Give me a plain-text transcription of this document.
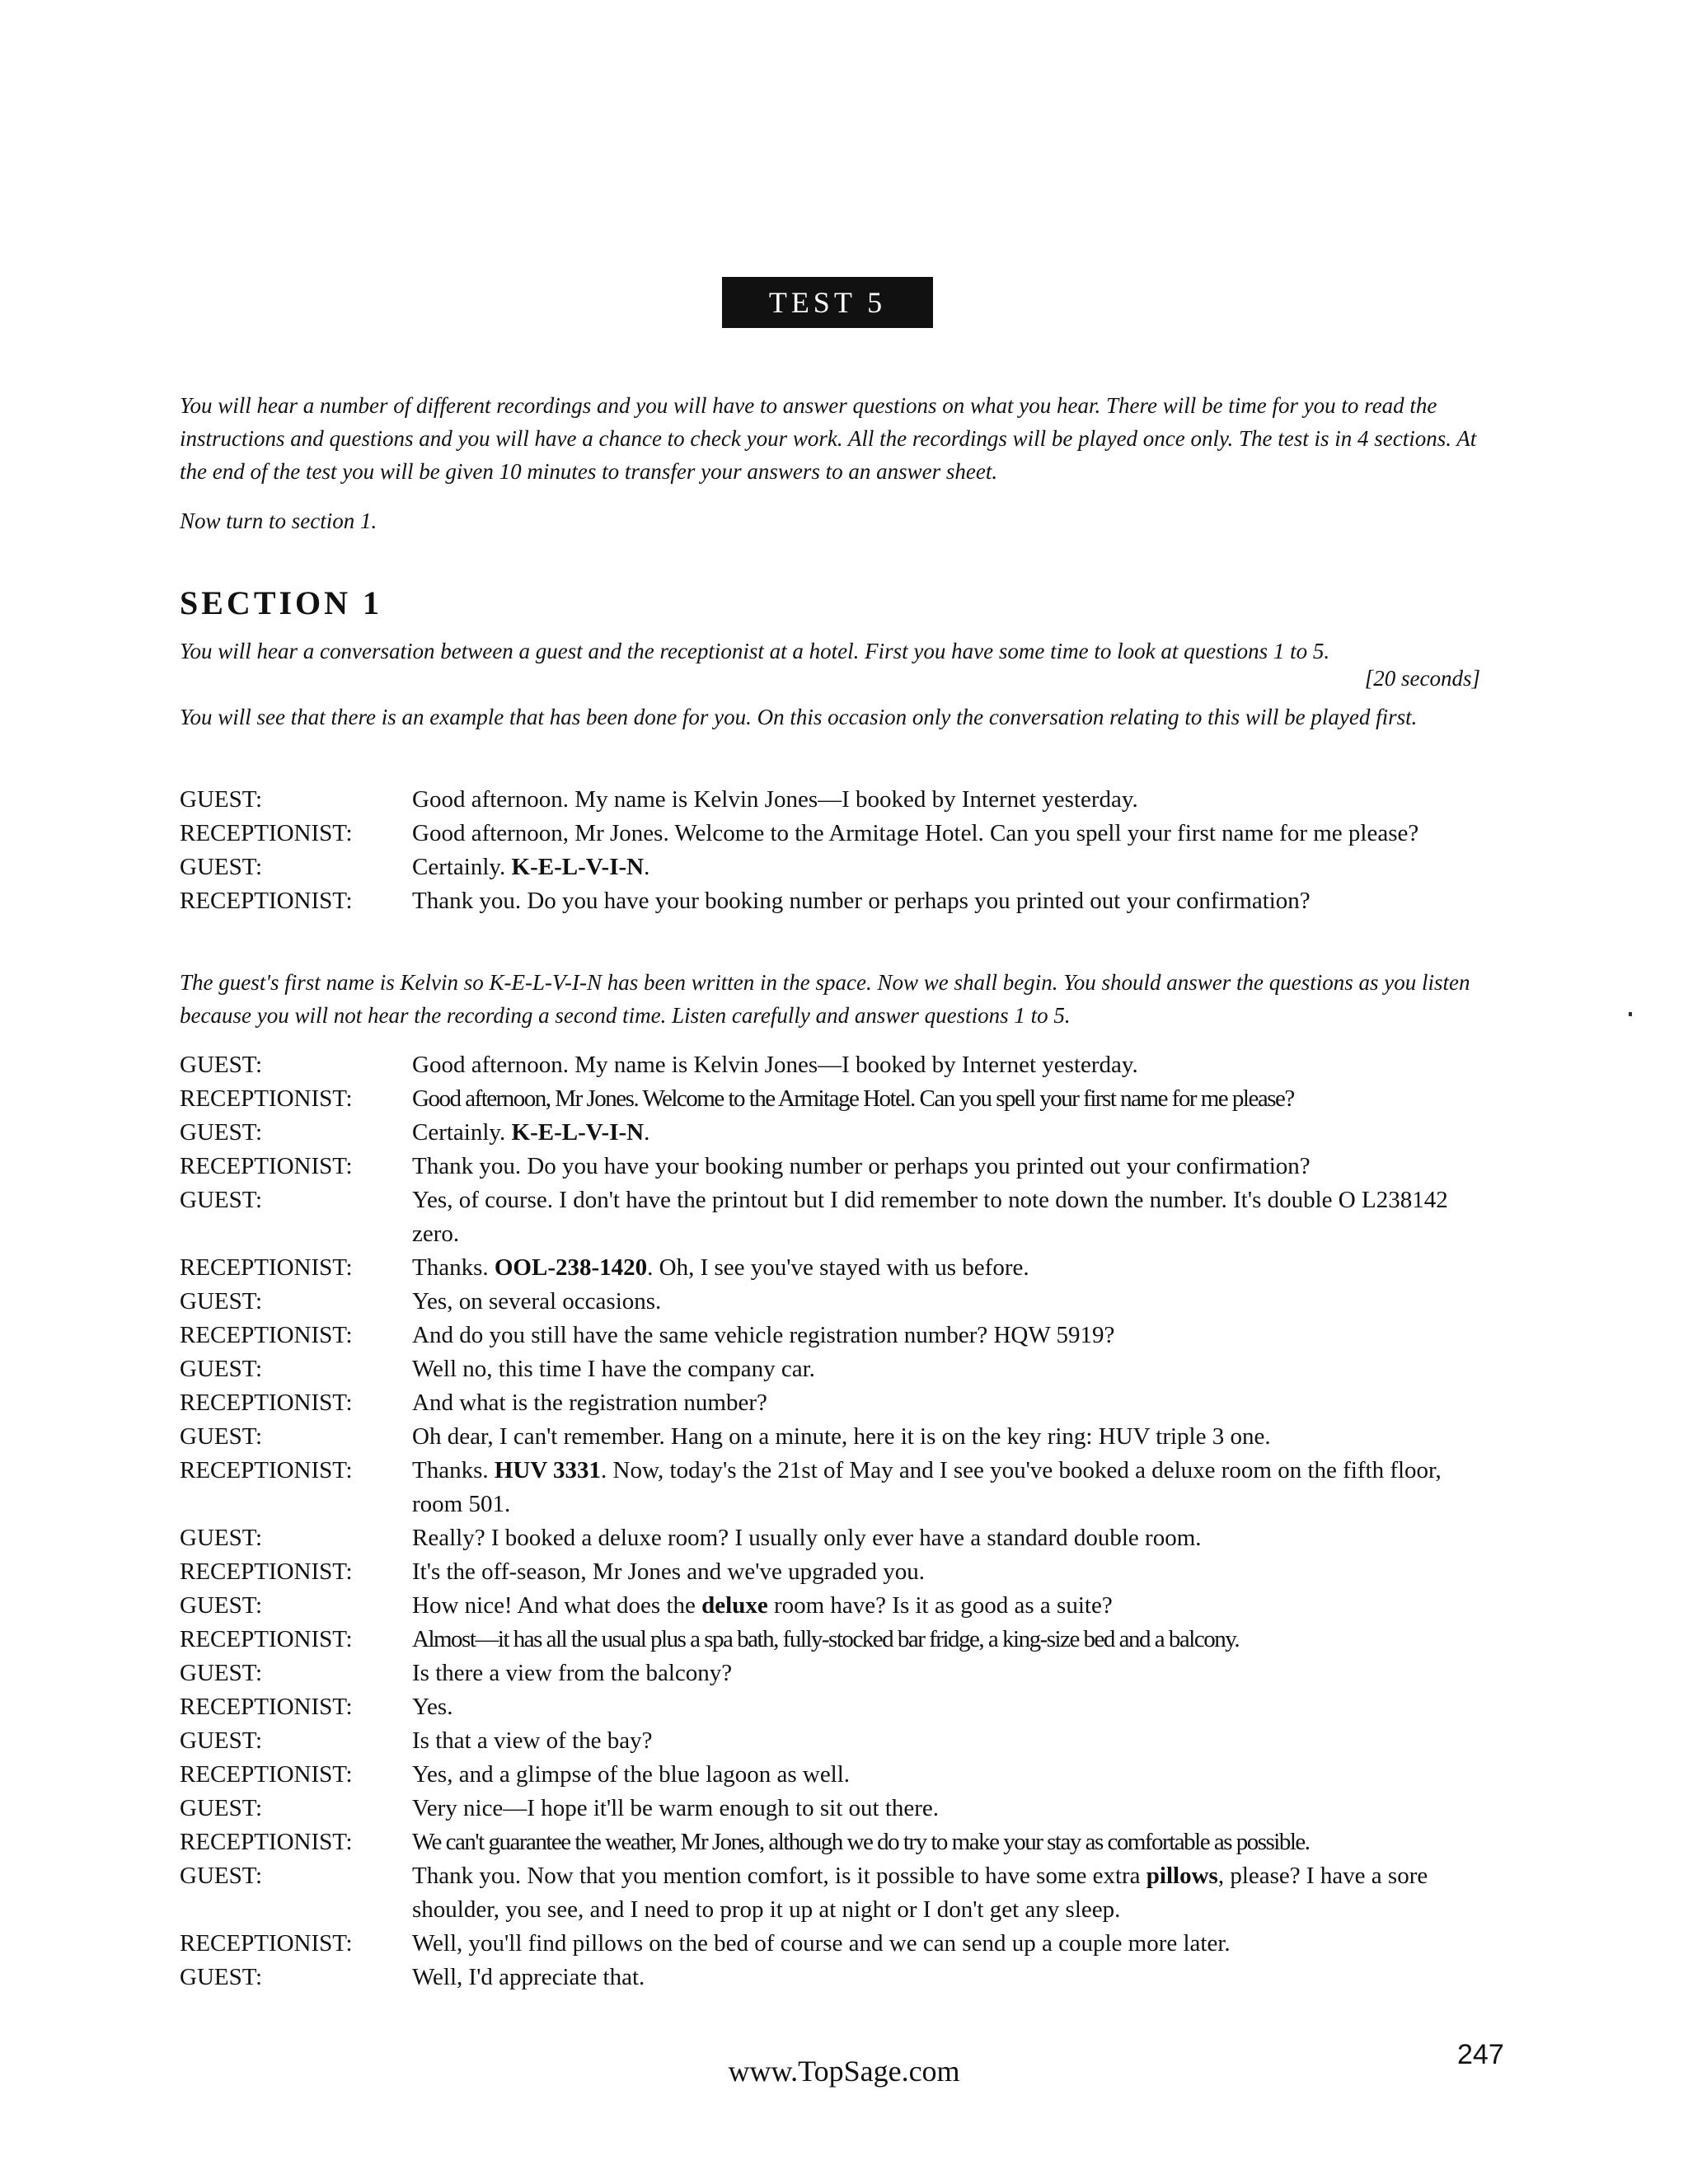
TEST 5

You will hear a number of different recordings and you will have to answer questions on what you hear. There will be time for you to read the instructions and questions and you will have a chance to check your work. All the recordings will be played once only. The test is in 4 sections. At the end of the test you will be given 10 minutes to transfer your answers to an answer sheet.

Now turn to section 1.

SECTION 1

You will hear a conversation between a guest and the receptionist at a hotel. First you have some time to look at questions 1 to 5.

[20 seconds]

You will see that there is an example that has been done for you. On this occasion only the conversation relating to this will be played first.

GUEST:	Good afternoon. My name is Kelvin Jones—I booked by Internet yesterday.
RECEPTIONIST:	Good afternoon, Mr Jones. Welcome to the Armitage Hotel. Can you spell your first name for me please?
GUEST:	Certainly. K-E-L-V-I-N.
RECEPTIONIST:	Thank you. Do you have your booking number or perhaps you printed out your confirmation?

The guest's first name is Kelvin so K-E-L-V-I-N has been written in the space. Now we shall begin. You should answer the questions as you listen because you will not hear the recording a second time. Listen carefully and answer questions 1 to 5.

GUEST:	Good afternoon. My name is Kelvin Jones—I booked by Internet yesterday.
RECEPTIONIST:	Good afternoon, Mr Jones. Welcome to the Armitage Hotel. Can you spell your first name for me please?
GUEST:	Certainly. K-E-L-V-I-N.
RECEPTIONIST:	Thank you. Do you have your booking number or perhaps you printed out your confirmation?
GUEST:	Yes, of course. I don't have the printout but I did remember to note down the number. It's double O L238142 zero.
RECEPTIONIST:	Thanks. OOL-238-1420. Oh, I see you've stayed with us before.
GUEST:	Yes, on several occasions.
RECEPTIONIST:	And do you still have the same vehicle registration number? HQW 5919?
GUEST:	Well no, this time I have the company car.
RECEPTIONIST:	And what is the registration number?
GUEST:	Oh dear, I can't remember. Hang on a minute, here it is on the key ring: HUV triple 3 one.
RECEPTIONIST:	Thanks. HUV 3331. Now, today's the 21st of May and I see you've booked a deluxe room on the fifth floor, room 501.
GUEST:	Really? I booked a deluxe room? I usually only ever have a standard double room.
RECEPTIONIST:	It's the off-season, Mr Jones and we've upgraded you.
GUEST:	How nice! And what does the deluxe room have? Is it as good as a suite?
RECEPTIONIST:	Almost—it has all the usual plus a spa bath, fully-stocked bar fridge, a king-size bed and a balcony.
GUEST:	Is there a view from the balcony?
RECEPTIONIST:	Yes.
GUEST:	Is that a view of the bay?
RECEPTIONIST:	Yes, and a glimpse of the blue lagoon as well.
GUEST:	Very nice—I hope it'll be warm enough to sit out there.
RECEPTIONIST:	We can't guarantee the weather, Mr Jones, although we do try to make your stay as comfortable as possible.
GUEST:	Thank you. Now that you mention comfort, is it possible to have some extra pillows, please? I have a sore shoulder, you see, and I need to prop it up at night or I don't get any sleep.
RECEPTIONIST:	Well, you'll find pillows on the bed of course and we can send up a couple more later.
GUEST:	Well, I'd appreciate that.
247
www.TopSage.com
